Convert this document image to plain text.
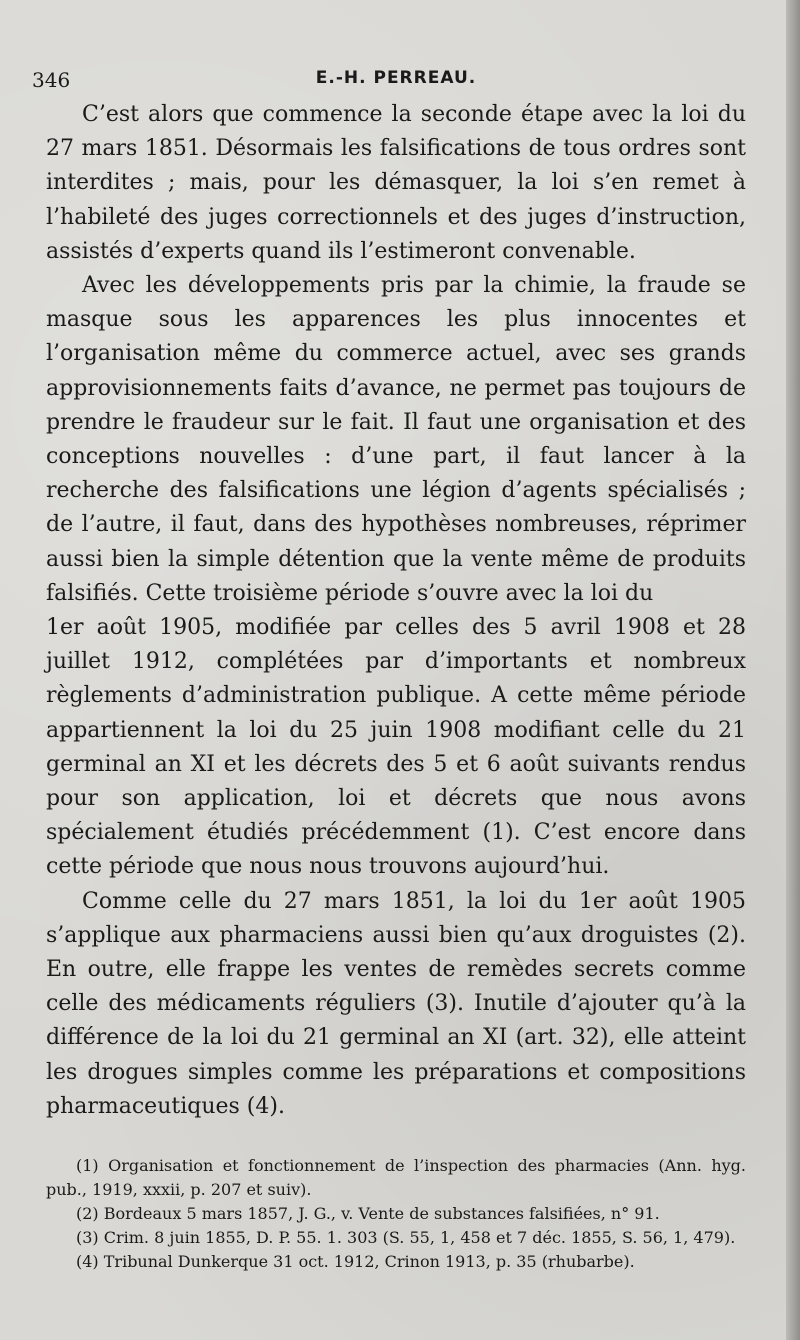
346	E.-H. PERREAU.

C’est alors que commence la seconde étape avec la loi du 27 mars 1851. Désormais les falsifications de tous ordres sont interdites ; mais, pour les démasquer, la loi s’en remet à l’habileté des juges correctionnels et des juges d’instruction, assistés d’experts quand ils l’estimeront convenable.

Avec les développements pris par la chimie, la fraude se masque sous les apparences les plus innocentes et l’organisation même du commerce actuel, avec ses grands approvisionnements faits d’avance, ne permet pas toujours de prendre le fraudeur sur le fait. Il faut une organisation et des conceptions nouvelles : d’une part, il faut lancer à la recherche des falsifications une légion d’agents spécialisés ; de l’autre, il faut, dans des hypothèses nombreuses, réprimer aussi bien la simple détention que la vente même de produits falsifiés. Cette troisième période s’ouvre avec la loi du

1er août 1905, modifiée par celles des 5 avril 1908 et 28 juillet 1912, complétées par d’importants et nombreux règlements d’administration publique. A cette même période appartiennent la loi du 25 juin 1908 modifiant celle du 21 germinal an XI et les décrets des 5 et 6 août suivants rendus pour son application, loi et décrets que nous avons spécialement étudiés précédemment (1). C’est encore dans cette période que nous nous trouvons aujourd’hui.

Comme celle du 27 mars 1851, la loi du 1er août 1905 s’applique aux pharmaciens aussi bien qu’aux droguistes (2). En outre, elle frappe les ventes de remèdes secrets comme celle des médicaments réguliers (3). Inutile d’ajouter qu’à la différence de la loi du 21 germinal an XI (art. 32), elle atteint les drogues simples comme les préparations et compositions pharmaceutiques (4).

(1) Organisation et fonctionnement de l’inspection des pharmacies (Ann. hyg. pub., 1919, xxxii, p. 207 et suiv).

(2) Bordeaux 5 mars 1857, J. G., v. Vente de substances falsifiées, n° 91.

(3) Crim. 8 juin 1855, D. P. 55. 1. 303 (S. 55, 1, 458 et 7 déc. 1855, S. 56, 1, 479).

(4) Tribunal Dunkerque 31 oct. 1912, Crinon 1913, p. 35 (rhubarbe).
